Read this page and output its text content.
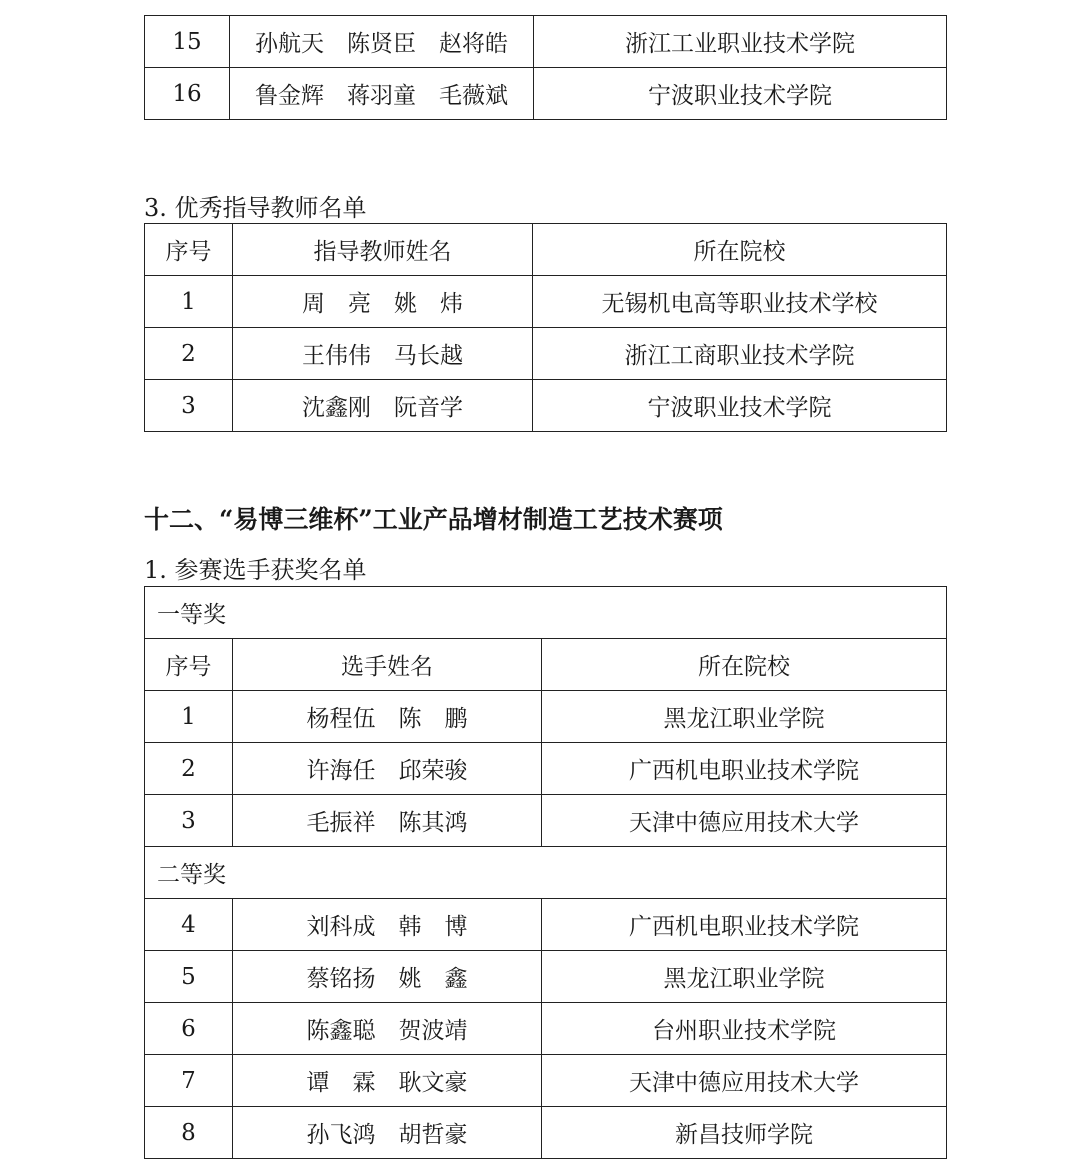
15	孙航天　陈贤臣　赵将皓	浙江工业职业技术学院
16	鲁金辉　蒋羽童　毛薇斌	宁波职业技术学院
3. 优秀指导教师名单
序号	指导教师姓名	所在院校
1	周　亮　姚　炜	无锡机电高等职业技术学校
2	王伟伟　马长越	浙江工商职业技术学院
3	沈鑫刚　阮音学	宁波职业技术学院
十二、“易博三维杯”工业产品增材制造工艺技术赛项
1. 参赛选手获奖名单
一等奖		
序号	选手姓名	所在院校
1	杨程伍　陈　鹏	黑龙江职业学院
2	许海任　邱荣骏	广西机电职业技术学院
3	毛振祥　陈其鸿	天津中德应用技术大学
二等奖		
4	刘科成　韩　博	广西机电职业技术学院
5	蔡铭扬　姚　鑫	黑龙江职业学院
6	陈鑫聪　贺波靖	台州职业技术学院
7	谭　霖　耿文豪	天津中德应用技术大学
8	孙飞鸿　胡哲豪	新昌技师学院
